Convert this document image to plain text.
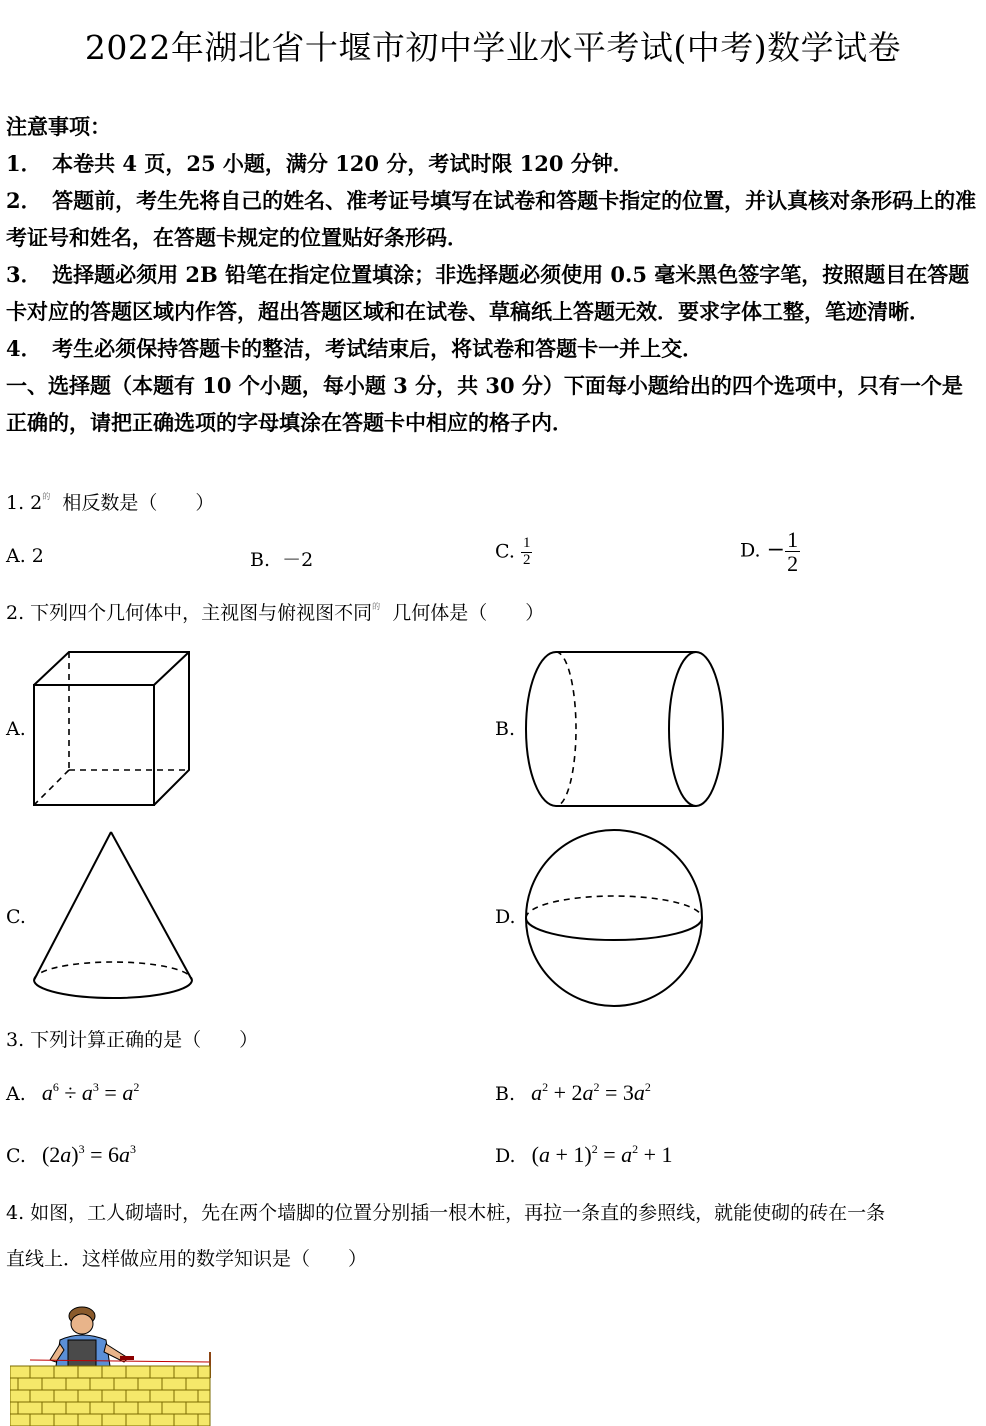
2022年湖北省十堰市初中学业水平考试(中考)数学试卷

注意事项：

1．　本卷共 4 页，25 小题，满分 120 分，考试时限 120 分钟．

2．　答题前，考生先将自己的姓名、准考证号填写在试卷和答题卡指定的位置，并认真核对条形码上的准考证号和姓名，在答题卡规定的位置贴好条形码．

3．　选择题必须用 2B 铅笔在指定位置填涂；非选择题必须使用 0.5 毫米黑色签字笔，按照题目在答题卡对应的答题区域内作答，超出答题区域和在试卷、草稿纸上答题无效．要求字体工整，笔迹清晰．

4．　考生必须保持答题卡的整洁，考试结束后，将试卷和答题卡一并上交．

一、选择题（本题有 10 个小题，每小题 3 分，共 30 分）下面每小题给出的四个选项中，只有一个是正确的，请把正确选项的字母填涂在答题卡中相应的格子内．

1. $2^的$ 相反数是（　　）
A. 2	B. －2	C. $\frac{1}{2}$	D. − $\frac{1}{2}$
2. 下列四个几何体中，主视图与俯视图不同$^的$ 几何体是（　　）
A.	B.
C.	D.
3. 下列计算正确的是（　　）
A. $a^6 \div a^3 = a^2$	B. $a^2 + 2a^2 = 3a^2$
C. $(2a)^3 = 6a^3$	D. $(a + 1)^2 = a^2 + 1$
4. 如图，工人砌墙时，先在两个墙脚的位置分别插一根木桩，再拉一条直的参照线，就能使砌的砖在一条
直线上．这样做应用的数学知识是（　　）
